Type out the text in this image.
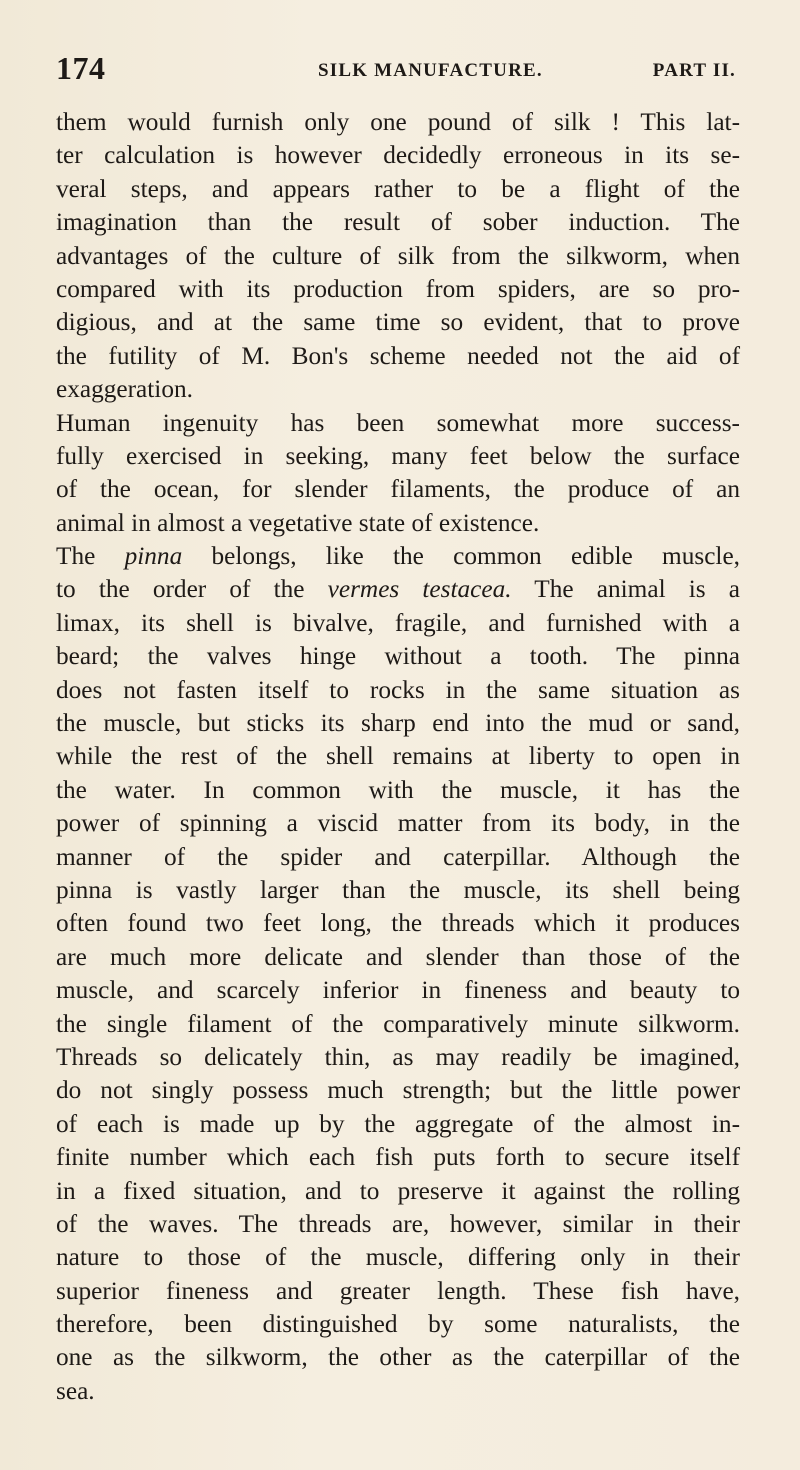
174	SILK MANUFACTURE.	PART II.
them would furnish only one pound of silk ! This lat-
ter calculation is however decidedly erroneous in its se-
veral steps, and appears rather to be a flight of the
imagination than the result of sober induction. The
advantages of the culture of silk from the silkworm, when
compared with its production from spiders, are so pro-
digious, and at the same time so evident, that to prove
the futility of M. Bon's scheme needed not the aid of
exaggeration.
Human ingenuity has been somewhat more success-
fully exercised in seeking, many feet below the surface
of the ocean, for slender filaments, the produce of an
animal in almost a vegetative state of existence.
The pinna belongs, like the common edible muscle,
to the order of the vermes testacea. The animal is a
limax, its shell is bivalve, fragile, and furnished with a
beard; the valves hinge without a tooth. The pinna
does not fasten itself to rocks in the same situation as
the muscle, but sticks its sharp end into the mud or sand,
while the rest of the shell remains at liberty to open in
the water. In common with the muscle, it has the
power of spinning a viscid matter from its body, in the
manner of the spider and caterpillar. Although the
pinna is vastly larger than the muscle, its shell being
often found two feet long, the threads which it produces
are much more delicate and slender than those of the
muscle, and scarcely inferior in fineness and beauty to
the single filament of the comparatively minute silkworm.
Threads so delicately thin, as may readily be imagined,
do not singly possess much strength; but the little power
of each is made up by the aggregate of the almost in-
finite number which each fish puts forth to secure itself
in a fixed situation, and to preserve it against the rolling
of the waves. The threads are, however, similar in their
nature to those of the muscle, differing only in their
superior fineness and greater length. These fish have,
therefore, been distinguished by some naturalists, the
one as the silkworm, the other as the caterpillar of the
sea.
